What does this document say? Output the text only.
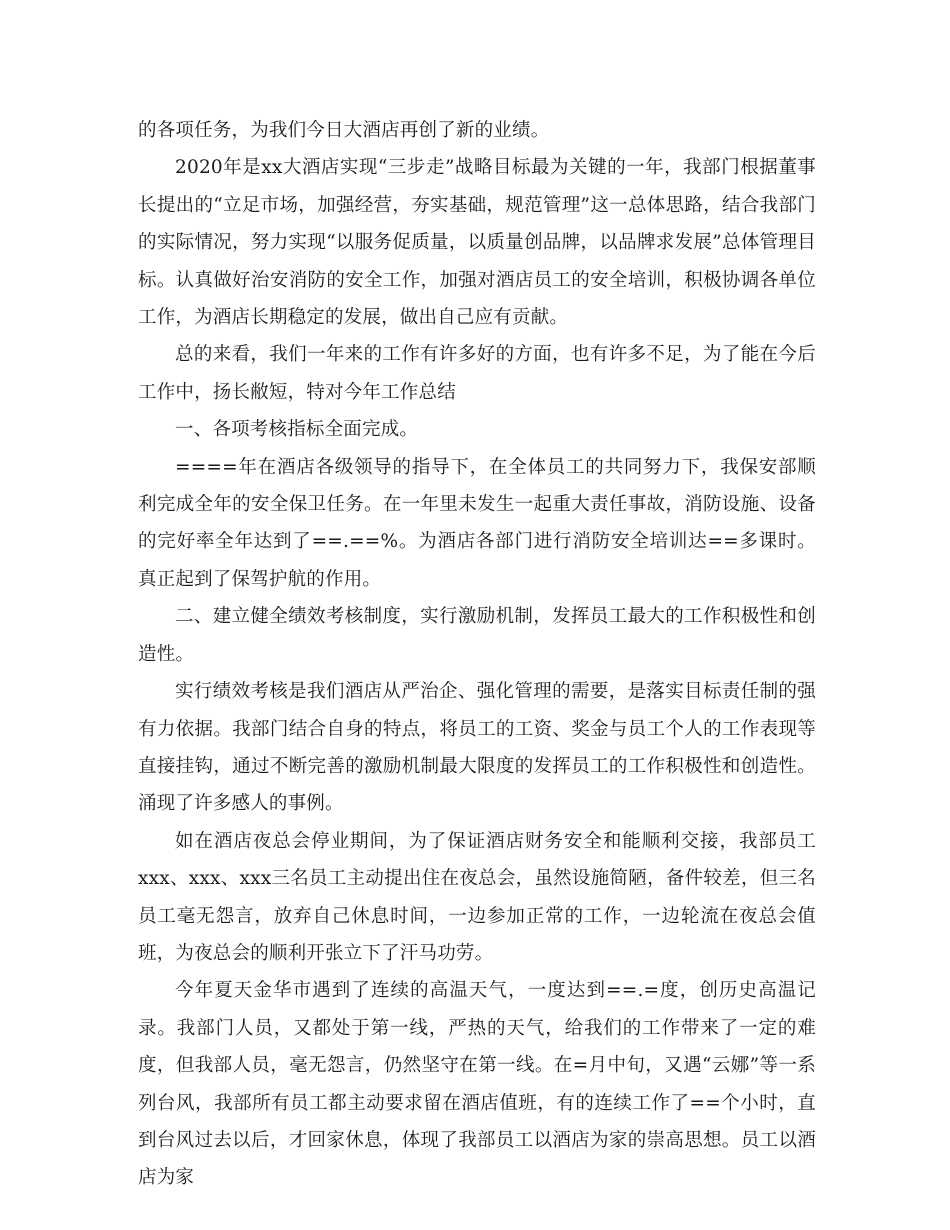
的各项任务，为我们今日大酒店再创了新的业绩。

2020年是xx大酒店实现“三步走”战略目标最为关键的一年，我部门根据董事长提出的“立足市场，加强经营，夯实基础，规范管理”这一总体思路，结合我部门的实际情况，努力实现“以服务促质量，以质量创品牌，以品牌求发展”总体管理目标。认真做好治安消防的安全工作，加强对酒店员工的安全培训，积极协调各单位工作，为酒店长期稳定的发展，做出自己应有贡献。

总的来看，我们一年来的工作有许多好的方面，也有许多不足，为了能在今后工作中，扬长敝短，特对今年工作总结

一、各项考核指标全面完成。

====年在酒店各级领导的指导下，在全体员工的共同努力下，我保安部顺利完成全年的安全保卫任务。在一年里未发生一起重大责任事故，消防设施、设备的完好率全年达到了==.==%。为酒店各部门进行消防安全培训达==多课时。真正起到了保驾护航的作用。

二、建立健全绩效考核制度，实行激励机制，发挥员工最大的工作积极性和创造性。

实行绩效考核是我们酒店从严治企、强化管理的需要，是落实目标责任制的强有力依据。我部门结合自身的特点，将员工的工资、奖金与员工个人的工作表现等直接挂钩，通过不断完善的激励机制最大限度的发挥员工的工作积极性和创造性。涌现了许多感人的事例。

如在酒店夜总会停业期间，为了保证酒店财务安全和能顺利交接，我部员工xxx、xxx、xxx三名员工主动提出住在夜总会，虽然设施简陋，备件较差，但三名员工毫无怨言，放弃自己休息时间，一边参加正常的工作，一边轮流在夜总会值班，为夜总会的顺利开张立下了汗马功劳。

今年夏天金华市遇到了连续的高温天气，一度达到==.=度，创历史高温记录。我部门人员，又都处于第一线，严热的天气，给我们的工作带来了一定的难度，但我部人员，毫无怨言，仍然坚守在第一线。在=月中旬，又遇“云娜”等一系列台风，我部所有员工都主动要求留在酒店值班，有的连续工作了==个小时，直到台风过去以后，才回家休息，体现了我部员工以酒店为家的崇高思想。员工以酒店为家
